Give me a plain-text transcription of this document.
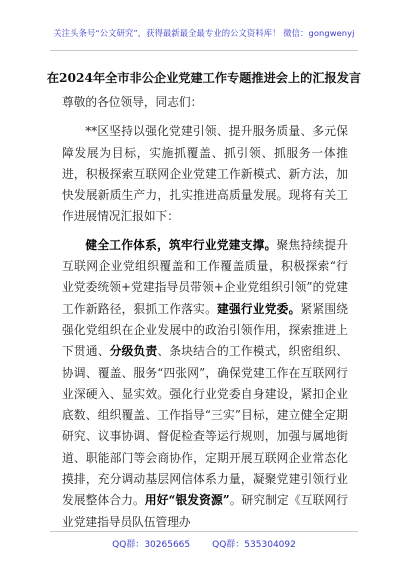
关注头条号“公文研究”，获得最新最全最专业的公文资料库！ 微信：gongwenyj
在2024年全市非公企业党建工作专题推进会上的汇报发言

尊敬的各位领导，同志们：

**区坚持以强化党建引领、提升服务质量、多元保障发展为目标，实施抓覆盖、抓引领、抓服务一体推进，积极探索互联网企业党建工作新模式、新方法，加快发展新质生产力，扎实推进高质量发展。现将有关工作进展情况汇报如下：

健全工作体系，筑牢行业党建支撑。聚焦持续提升互联网企业党组织覆盖和工作覆盖质量，积极探索“行业党委统领+党建指导员带领+企业党组织引领”的党建工作新路径，狠抓工作落实。建强行业党委。紧紧围绕强化党组织在企业发展中的政治引领作用，探索推进上下贯通、分级负责、条块结合的工作模式，织密组织、协调、覆盖、服务“四张网”，确保党建工作在互联网行业深硬入、显实效。强化行业党委自身建设，紧扣企业底数、组织覆盖、工作指导“三实”目标，建立健全定期研究、议事协调、督促检查等运行规则，加强与属地街道、职能部门等会商协作，定期开展互联网企业常态化摸排，充分调动基层网信体系力量，凝聚党建引领行业发展整体合力。用好“银发资源”。研究制定《互联网行业党建指导员队伍管理办

QQ群：30265665 QQ群：535304092
